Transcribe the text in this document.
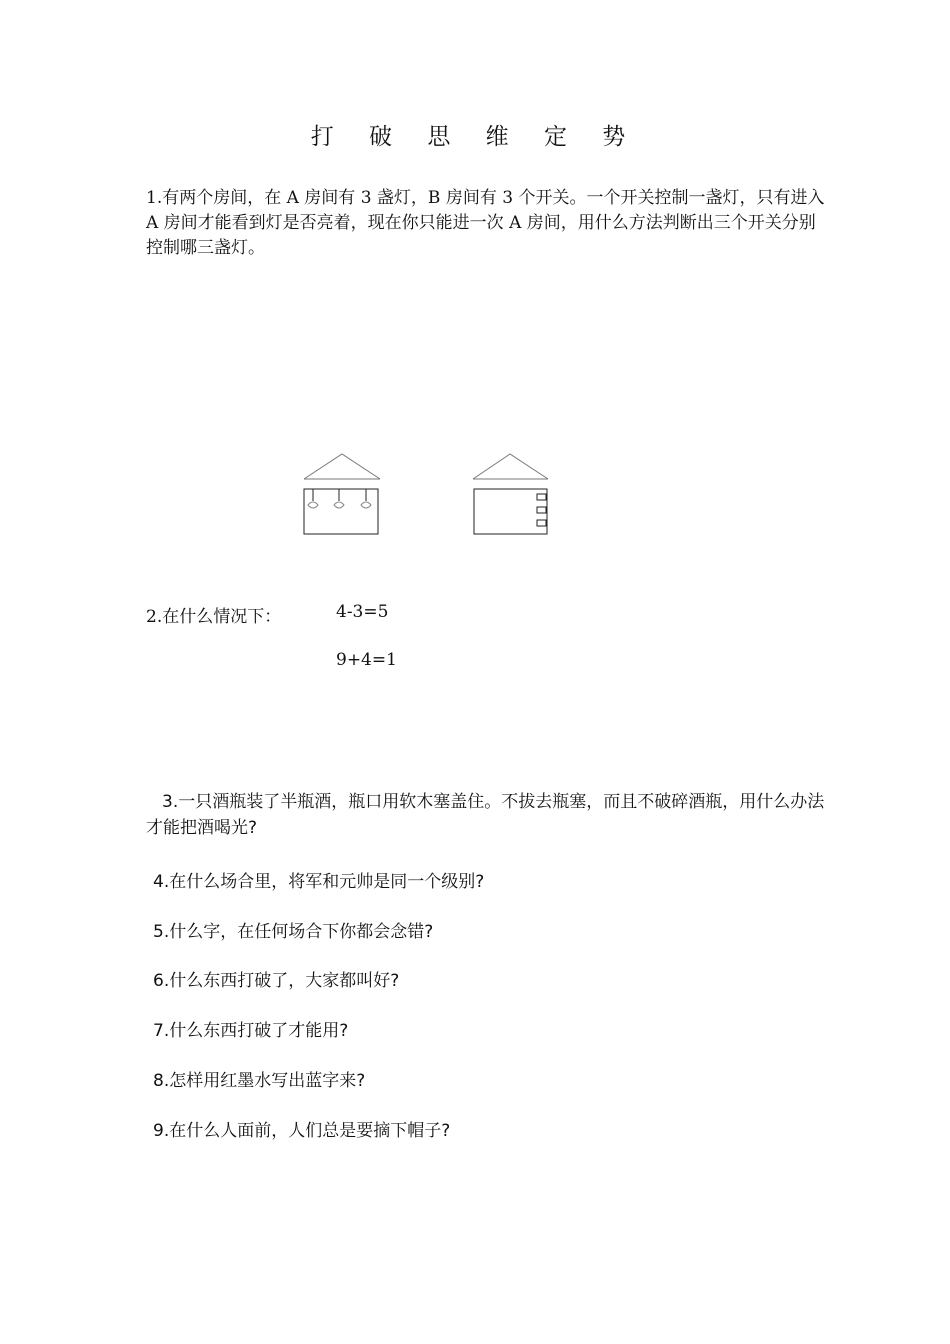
打 破 思 维 定 势
1.有两个房间，在 A 房间有 3 盏灯，B 房间有 3 个开关。一个开关控制一盏灯，只有进入 A 房间才能看到灯是否亮着，现在你只能进一次 A 房间，用什么方法判断出三个开关分别控制哪三盏灯。
2.在什么情况下：	4-3=5
9+4=1
3.一只酒瓶装了半瓶酒，瓶口用软木塞盖住。不拔去瓶塞，而且不破碎酒瓶，用什么办法才能把酒喝光?
4.在什么场合里，将军和元帅是同一个级别?
5.什么字，在任何场合下你都会念错?
6.什么东西打破了，大家都叫好?
7.什么东西打破了才能用?
8.怎样用红墨水写出蓝字来?
9.在什么人面前，人们总是要摘下帽子?
